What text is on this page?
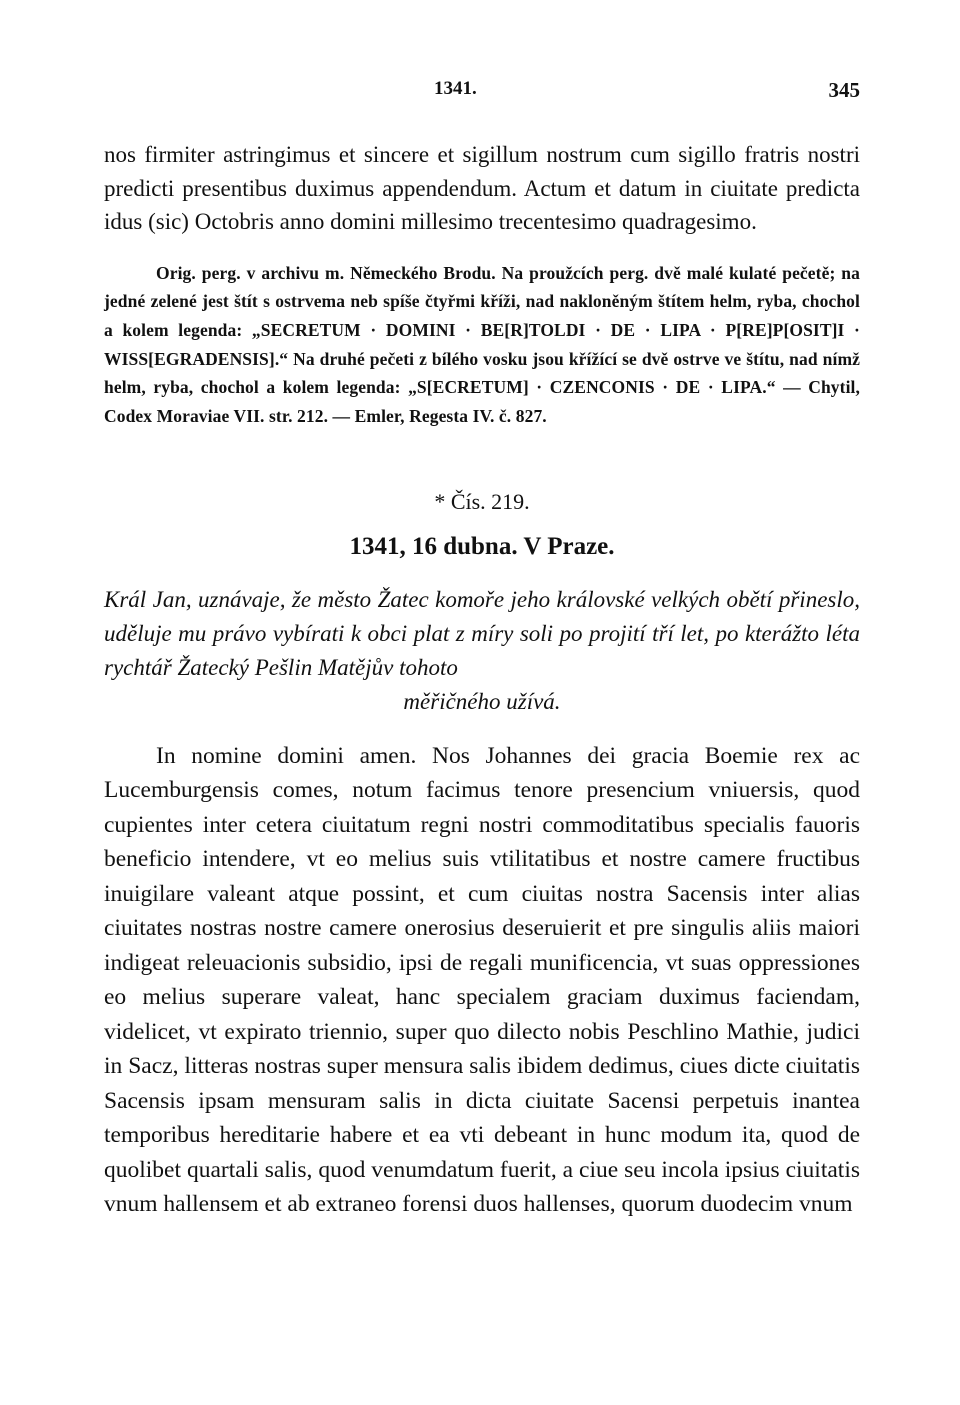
1341.	345
nos firmiter astringimus et sincere et sigillum nostrum cum sigillo fratris nostri predicti presentibus duximus appendendum. Actum et datum in ciuitate predicta idus (sic) Octobris anno domini millesimo trecentesimo quadragesimo.

Orig. perg. v archivu m. Německého Brodu. Na proužcích perg. dvě malé kulaté pečetě; na jedné zelené jest štít s ostrvema neb spíše čtyřmi kříži, nad nakloněným štítem helm, ryba, chochol a kolem legenda: „SECRETUM · DOMINI · BE[R]TOLDI · DE · LIPA · P[RE]P[OSIT]I · WISS[EGRADENSIS].“ Na druhé pečeti z bílého vosku jsou křížící se dvě ostrve ve štítu, nad nímž helm, ryba, chochol a kolem legenda: „S[ECRETUM] · CZENCONIS · DE · LIPA.“ — Chytil, Codex Moraviae VII. str. 212. — Emler, Regesta IV. č. 827.

* Čís. 219.
1341, 16 dubna. V Praze.
Král Jan, uznávaje, že město Žatec komoře jeho královské velkých obětí přineslo, uděluje mu právo vybírati k obci plat z míry soli po projití tří let, po kterážto léta rychtář Žatecký Pešlin Matějův tohoto
měřičného užívá.

In nomine domini amen. Nos Johannes dei gracia Boemie rex ac Lucemburgensis comes, notum facimus tenore presencium vniuersis, quod cupientes inter cetera ciuitatum regni nostri commoditatibus specialis fauoris beneficio intendere, vt eo melius suis vtilitatibus et nostre camere fructibus inuigilare valeant atque possint, et cum ciuitas nostra Sacensis inter alias ciuitates nostras nostre camere onerosius deseruierit et pre singulis aliis maiori indigeat releuacionis subsidio, ipsi de regali munificencia, vt suas oppressiones eo melius superare valeat, hanc specialem graciam duximus faciendam, videlicet, vt expirato triennio, super quo dilecto nobis Peschlino Mathie, judici in Sacz, litteras nostras super mensura salis ibidem dedimus, ciues dicte ciuitatis Sacensis ipsam mensuram salis in dicta ciuitate Sacensi perpetuis inantea temporibus hereditarie habere et ea vti debeant in hunc modum ita, quod de quolibet quartali salis, quod venumdatum fuerit, a ciue seu incola ipsius ciuitatis vnum hallensem et ab extraneo forensi duos hallenses, quorum duodecim vnum
